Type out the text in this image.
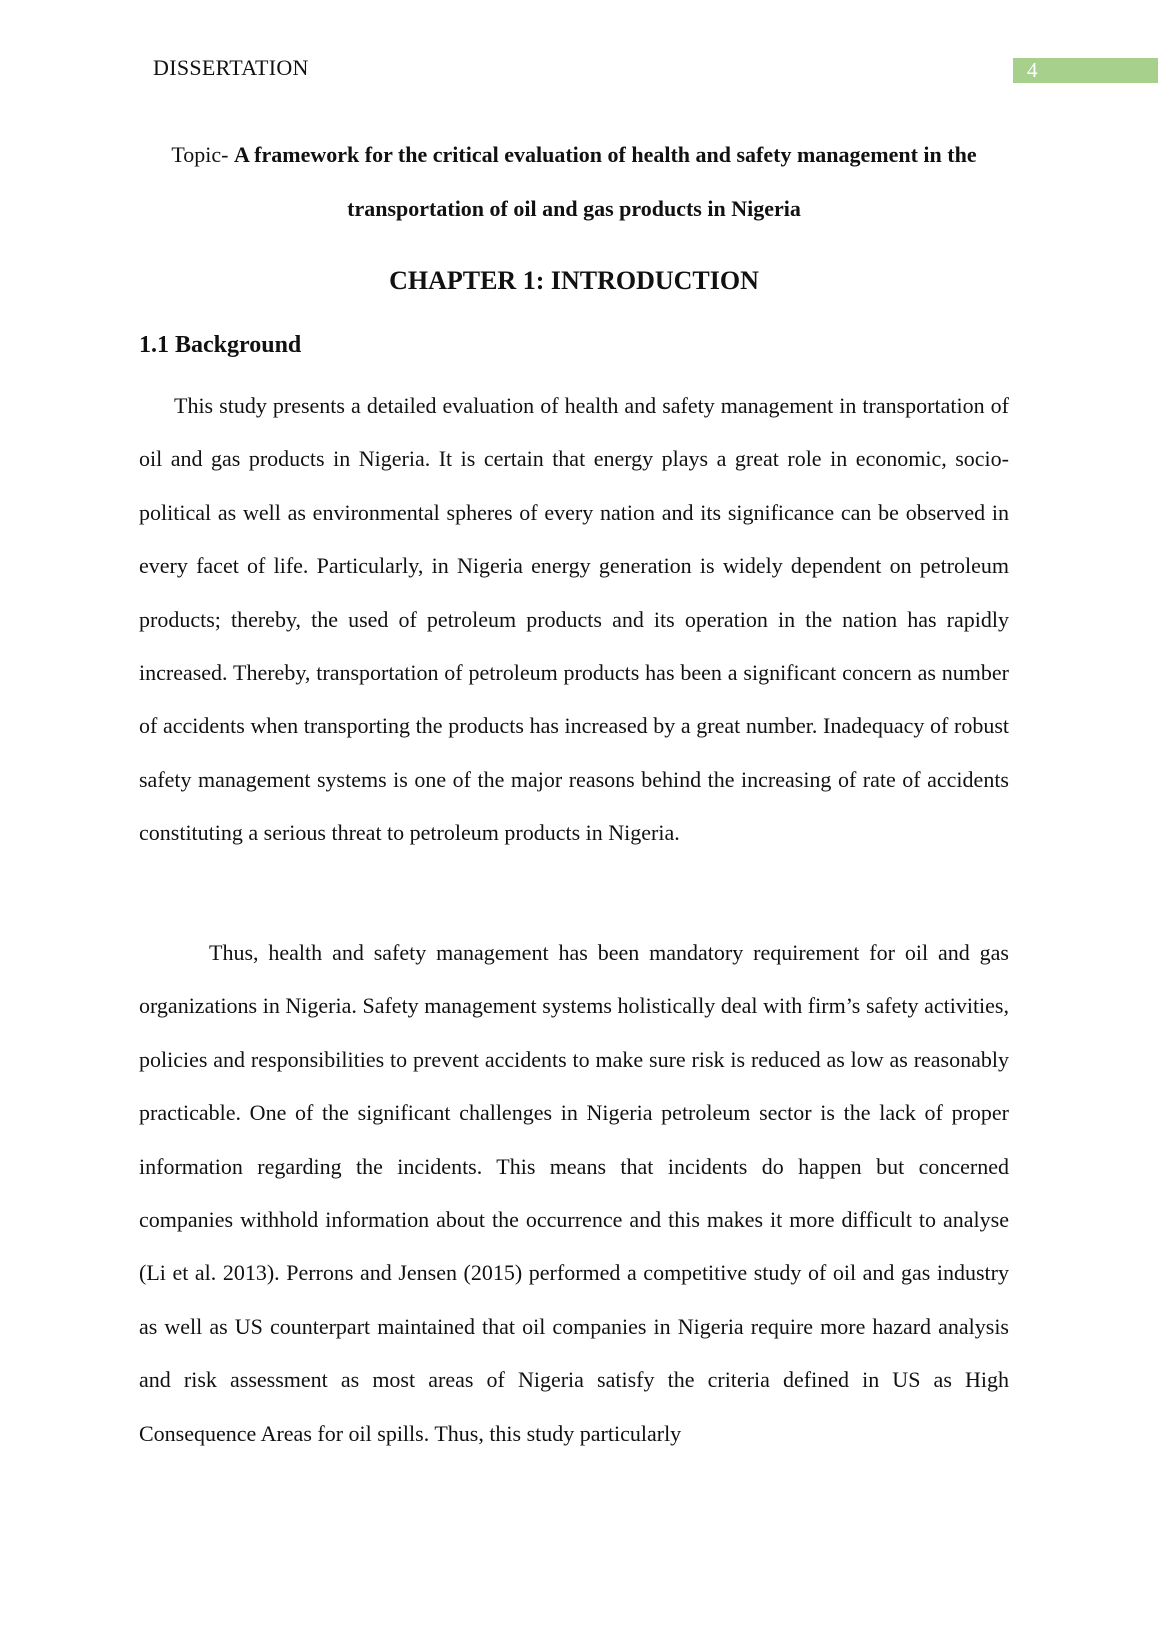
DISSERTATION	4
Topic- A framework for the critical evaluation of health and safety management in the transportation of oil and gas products in Nigeria
CHAPTER 1: INTRODUCTION
1.1 Background

This study presents a detailed evaluation of health and safety management in transportation of oil and gas products in Nigeria. It is certain that energy plays a great role in economic, socio-political as well as environmental spheres of every nation and its significance can be observed in every facet of life. Particularly, in Nigeria energy generation is widely dependent on petroleum products; thereby, the used of petroleum products and its operation in the nation has rapidly increased. Thereby, transportation of petroleum products has been a significant concern as number of accidents when transporting the products has increased by a great number. Inadequacy of robust safety management systems is one of the major reasons behind the increasing of rate of accidents constituting a serious threat to petroleum products in Nigeria.

Thus, health and safety management has been mandatory requirement for oil and gas organizations in Nigeria. Safety management systems holistically deal with firm’s safety activities, policies and responsibilities to prevent accidents to make sure risk is reduced as low as reasonably practicable. One of the significant challenges in Nigeria petroleum sector is the lack of proper information regarding the incidents. This means that incidents do happen but concerned companies withhold information about the occurrence and this makes it more difficult to analyse (Li et al. 2013). Perrons and Jensen (2015) performed a competitive study of oil and gas industry as well as US counterpart maintained that oil companies in Nigeria require more hazard analysis and risk assessment as most areas of Nigeria satisfy the criteria defined in US as High Consequence Areas for oil spills. Thus, this study particularly
